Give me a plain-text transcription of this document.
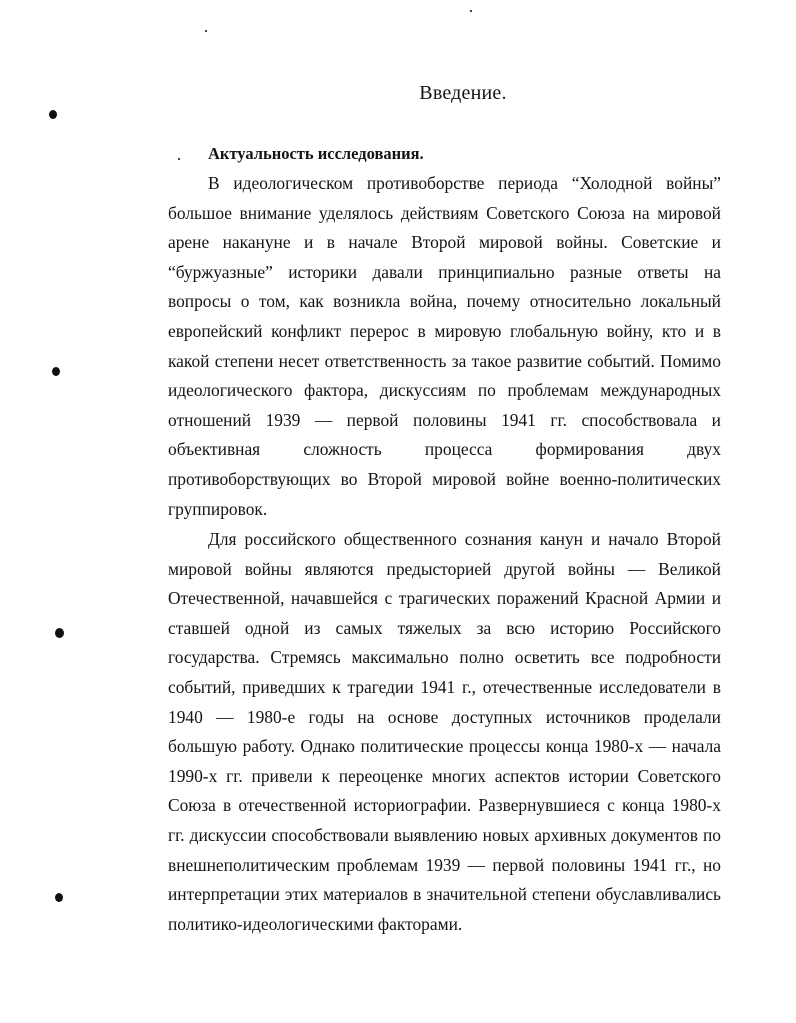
Введение.
Актуальность исследования.

В идеологическом противоборстве периода “Холодной войны” большое внимание уделялось действиям Советского Союза на мировой арене накануне и в начале Второй мировой войны. Советские и “буржуазные” историки давали принципиально разные ответы на вопросы о том, как возникла война, почему относительно локальный европейский конфликт перерос в мировую глобальную войну, кто и в какой степени несет ответственность за такое развитие событий. Помимо идеологического фактора, дискуссиям по проблемам международных отношений 1939 — первой половины 1941 гг. способствовала и объективная сложность процесса формирования двух противоборствующих во Второй мировой войне военно-политических группировок.

Для российского общественного сознания канун и начало Второй мировой войны являются предысторией другой войны — Великой Отечественной, начавшейся с трагических поражений Красной Армии и ставшей одной из самых тяжелых за всю историю Российского государства. Стремясь максимально полно осветить все подробности событий, приведших к трагедии 1941 г., отечественные исследователи в 1940 — 1980-е годы на основе доступных источников проделали большую работу. Однако политические процессы конца 1980-х — начала 1990-х гг. привели к переоценке многих аспектов истории Советского Союза в отечественной историографии. Развернувшиеся с конца 1980-х гг. дискуссии способствовали выявлению новых архивных документов по внешнеполитическим проблемам 1939 — первой половины 1941 гг., но интерпретации этих материалов в значительной степени обуславливались политико-идеологическими факторами.
